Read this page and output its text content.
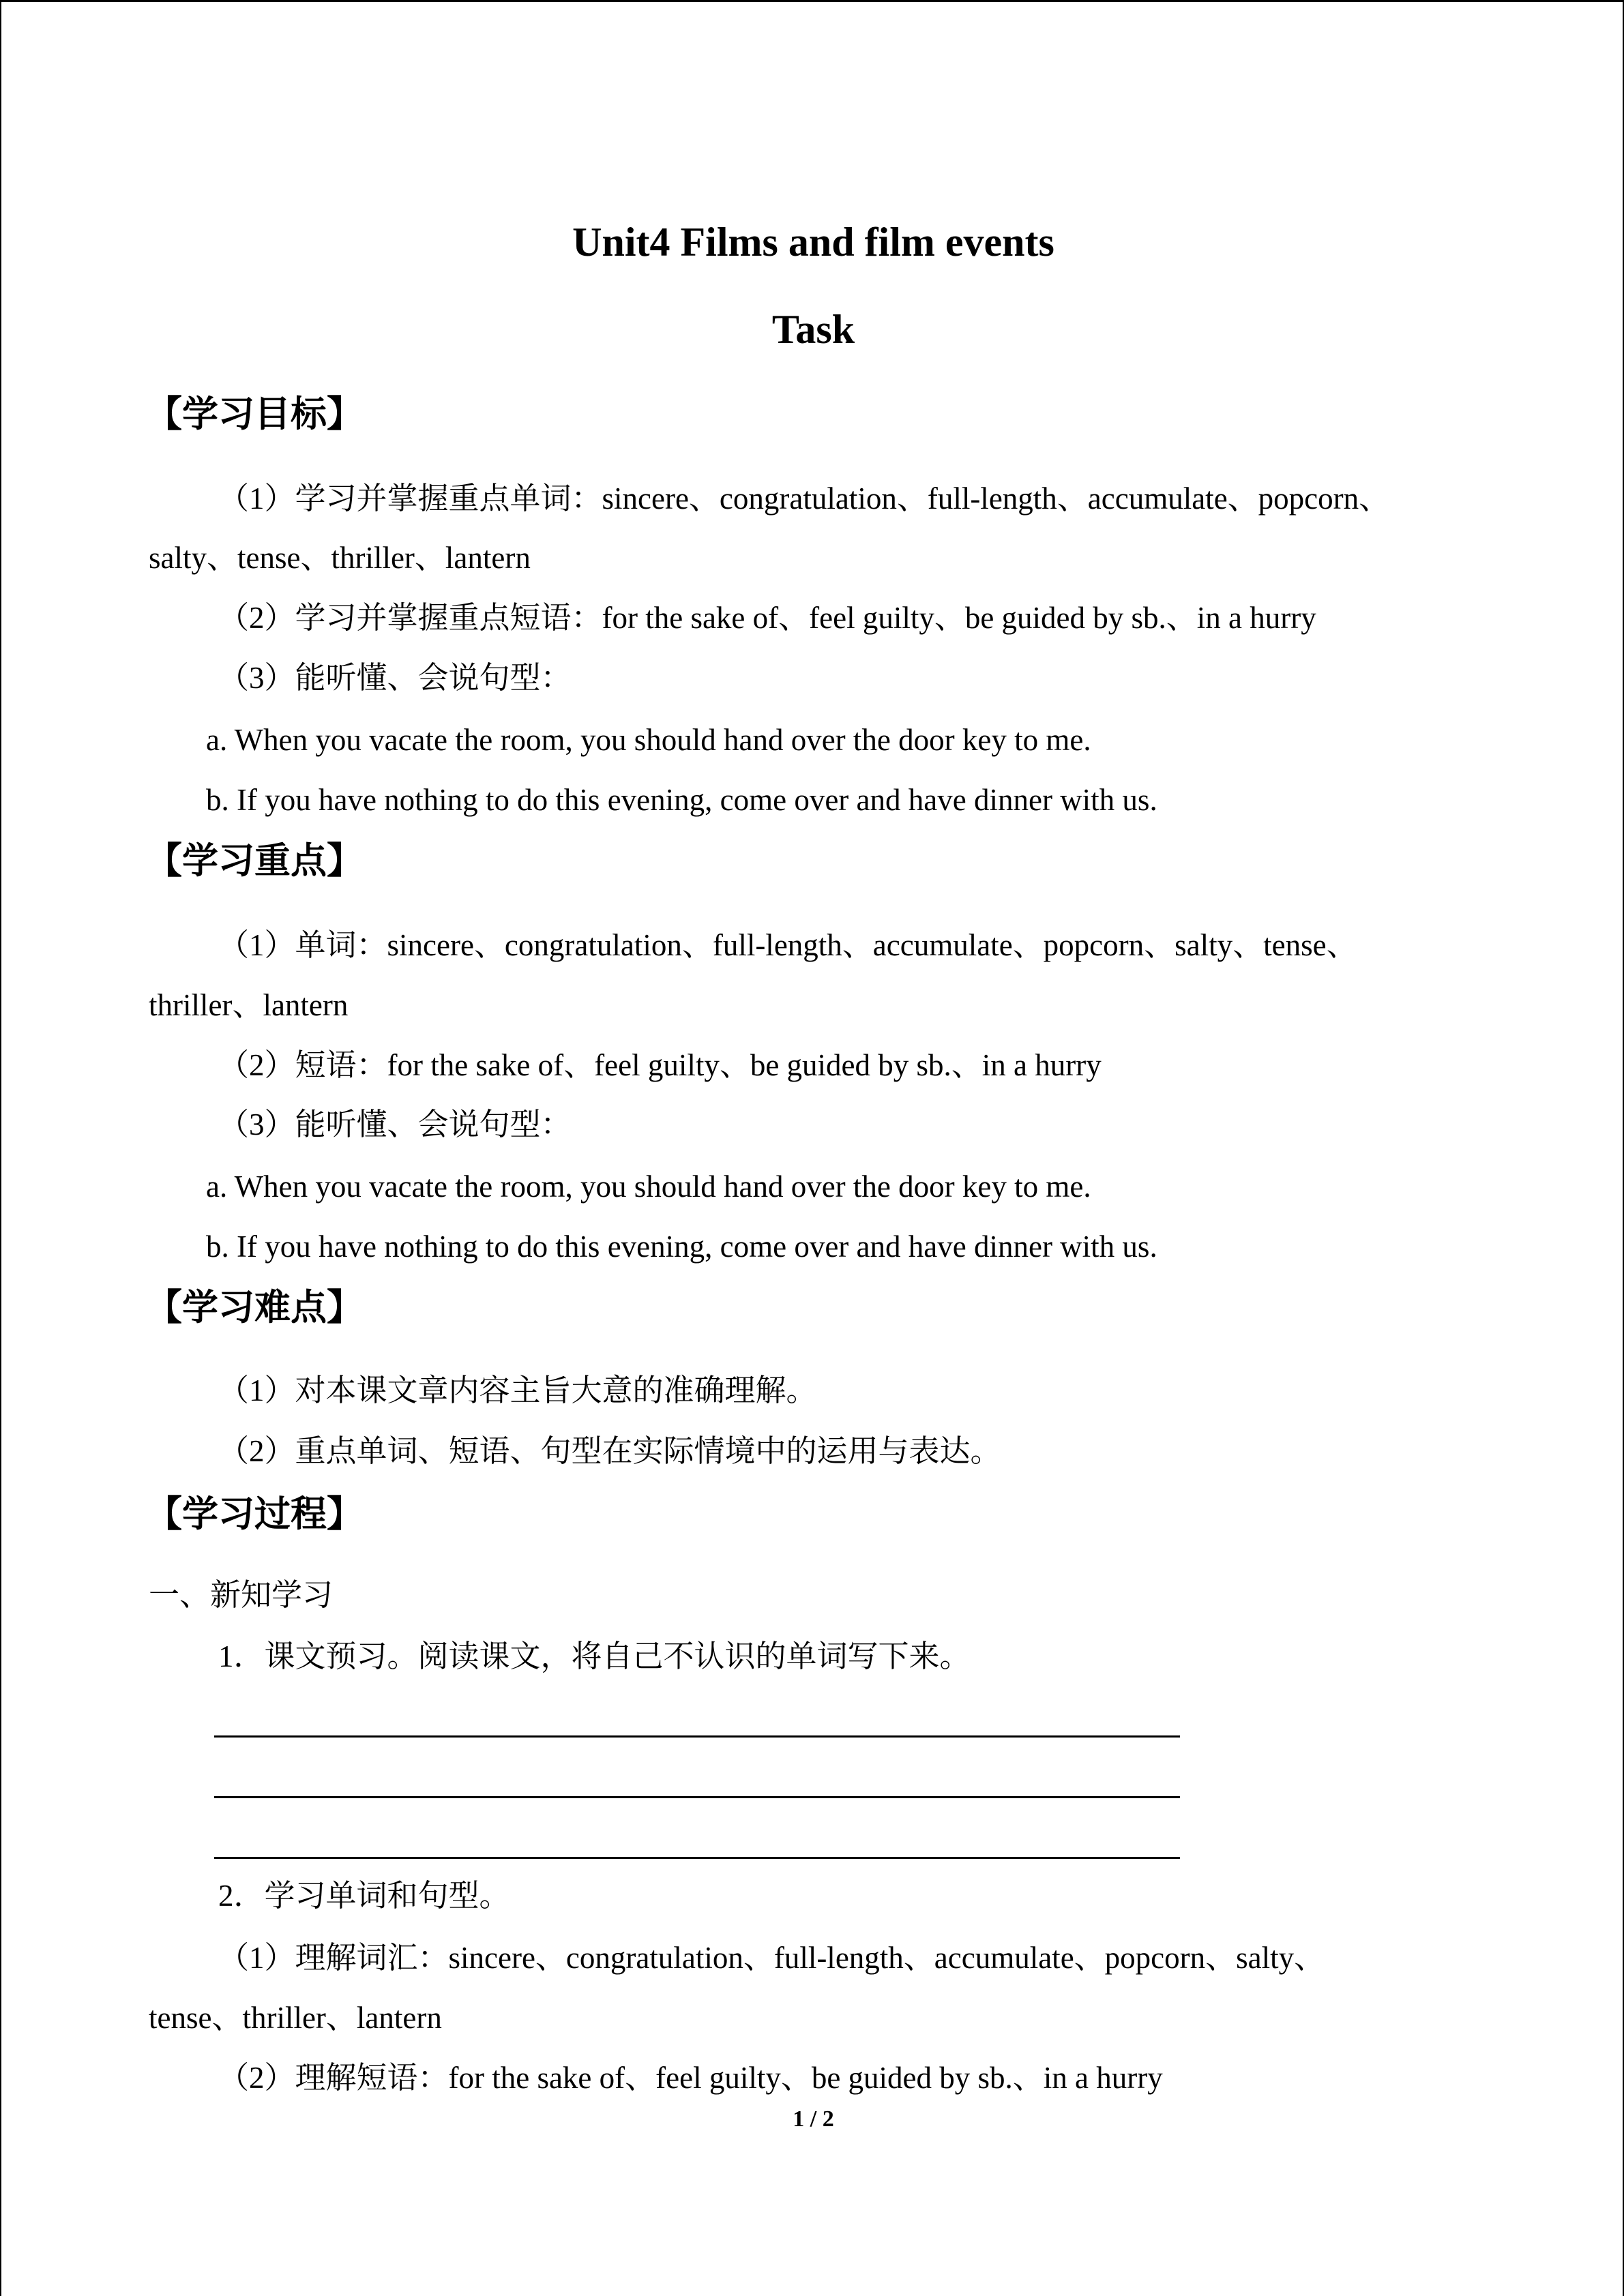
Unit4 Films and film events
Task
【学习目标】
（1）学习并掌握重点单词：sincere、congratulation、full-length、accumulate、popcorn、
salty、tense、thriller、lantern
（2）学习并掌握重点短语：for the sake of、feel guilty、be guided by sb.、in a hurry
（3）能听懂、会说句型：
a. When you vacate the room, you should hand over the door key to me.
b. If you have nothing to do this evening, come over and have dinner with us.
【学习重点】
（1）单词：sincere、congratulation、full-length、accumulate、popcorn、salty、tense、
thriller、lantern
（2）短语：for the sake of、feel guilty、be guided by sb.、in a hurry
（3）能听懂、会说句型：
a. When you vacate the room, you should hand over the door key to me.
b. If you have nothing to do this evening, come over and have dinner with us.
【学习难点】
（1）对本课文章内容主旨大意的准确理解。
（2）重点单词、短语、句型在实际情境中的运用与表达。
【学习过程】
一、新知学习
1．课文预习。阅读课文，将自己不认识的单词写下来。
2．学习单词和句型。
（1）理解词汇：sincere、congratulation、full-length、accumulate、popcorn、salty、
tense、thriller、lantern
（2）理解短语：for the sake of、feel guilty、be guided by sb.、in a hurry
1 / 2
